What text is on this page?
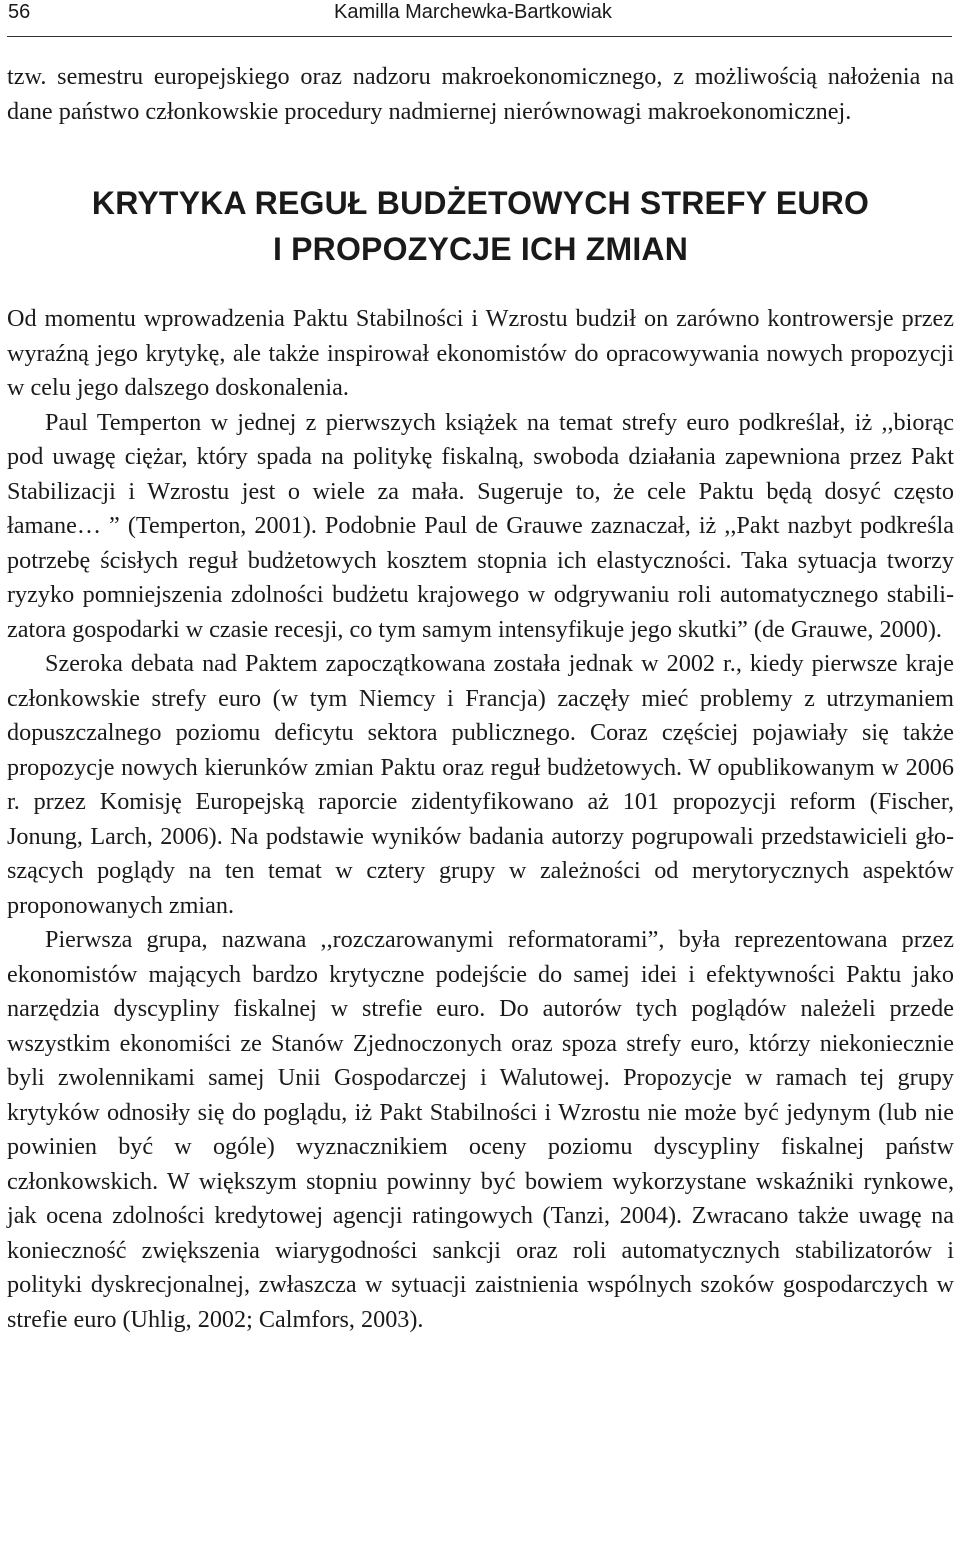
56	Kamilla Marchewka-Bartkowiak

tzw. semestru europejskiego oraz nadzoru makroekonomicznego, z możliwością nałożenia na dane państwo członkowskie procedury nadmiernej nierównowagi makroekonomicznej.

KRYTYKA REGUŁ BUDŻETOWYCH STREFY EURO
I PROPOZYCJE ICH ZMIAN

Od momentu wprowadzenia Paktu Stabilności i Wzrostu budził on zarówno kontrowersje przez wyraźną jego krytykę, ale także inspirował ekonomistów do opracowywania nowych propozycji w celu jego dalszego doskonalenia.

Paul Temperton w jednej z pierwszych książek na temat strefy euro podkreślał, iż ,,biorąc pod uwagę ciężar, który spada na politykę fiskalną, swoboda działania zapewniona przez Pakt Stabilizacji i Wzrostu jest o wiele za mała. Sugeruje to, że cele Paktu będą dosyć często łamane… ” (Temperton, 2001). Podobnie Paul de Grauwe zaznaczał, iż ,,Pakt nazbyt podkreśla potrzebę ścisłych reguł budżetowych kosztem stopnia ich elastyczności. Taka sytuacja tworzy ryzyko pomniejszenia zdolności budżetu krajowego w odgrywaniu roli automatycznego stabilizatora gospodarki w czasie recesji, co tym samym intensyfikuje jego skutki” (de Grauwe, 2000).

Szeroka debata nad Paktem zapoczątkowana została jednak w 2002 r., kiedy pierwsze kraje członkowskie strefy euro (w tym Niemcy i Francja) zaczęły mieć problemy z utrzymaniem dopuszczalnego poziomu deficytu sektora publicznego. Coraz częściej pojawiały się także propozycje nowych kierunków zmian Paktu oraz reguł budżetowych. W opublikowanym w 2006 r. przez Komisję Europejską raporcie zidentyfikowano aż 101 propozycji reform (Fischer, Jonung, Larch, 2006). Na podstawie wyników badania autorzy pogrupowali przedstawicieli głoszących poglądy na ten temat w cztery grupy w zależności od merytorycznych aspektów proponowanych zmian.

Pierwsza grupa, nazwana ,,rozczarowanymi reformatorami”, była reprezentowana przez ekonomistów mających bardzo krytyczne podejście do samej idei i efektywności Paktu jako narzędzia dyscypliny fiskalnej w strefie euro. Do autorów tych poglądów należeli przede wszystkim ekonomiści ze Stanów Zjednoczonych oraz spoza strefy euro, którzy niekoniecznie byli zwolennikami samej Unii Gospodarczej i Walutowej. Propozycje w ramach tej grupy krytyków odnosiły się do poglądu, iż Pakt Stabilności i Wzrostu nie może być jedynym (lub nie powinien być w ogóle) wyznacznikiem oceny poziomu dyscypliny fiskalnej państw członkowskich. W większym stopniu powinny być bowiem wykorzystane wskaźniki rynkowe, jak ocena zdolności kredytowej agencji ratingowych (Tanzi, 2004). Zwracano także uwagę na konieczność zwiększenia wiarygodności sankcji oraz roli automatycznych stabilizatorów i polityki dyskrecjonalnej, zwłaszcza w sytuacji zaistnienia wspólnych szoków gospodarczych w strefie euro (Uhlig, 2002; Calmfors, 2003).
